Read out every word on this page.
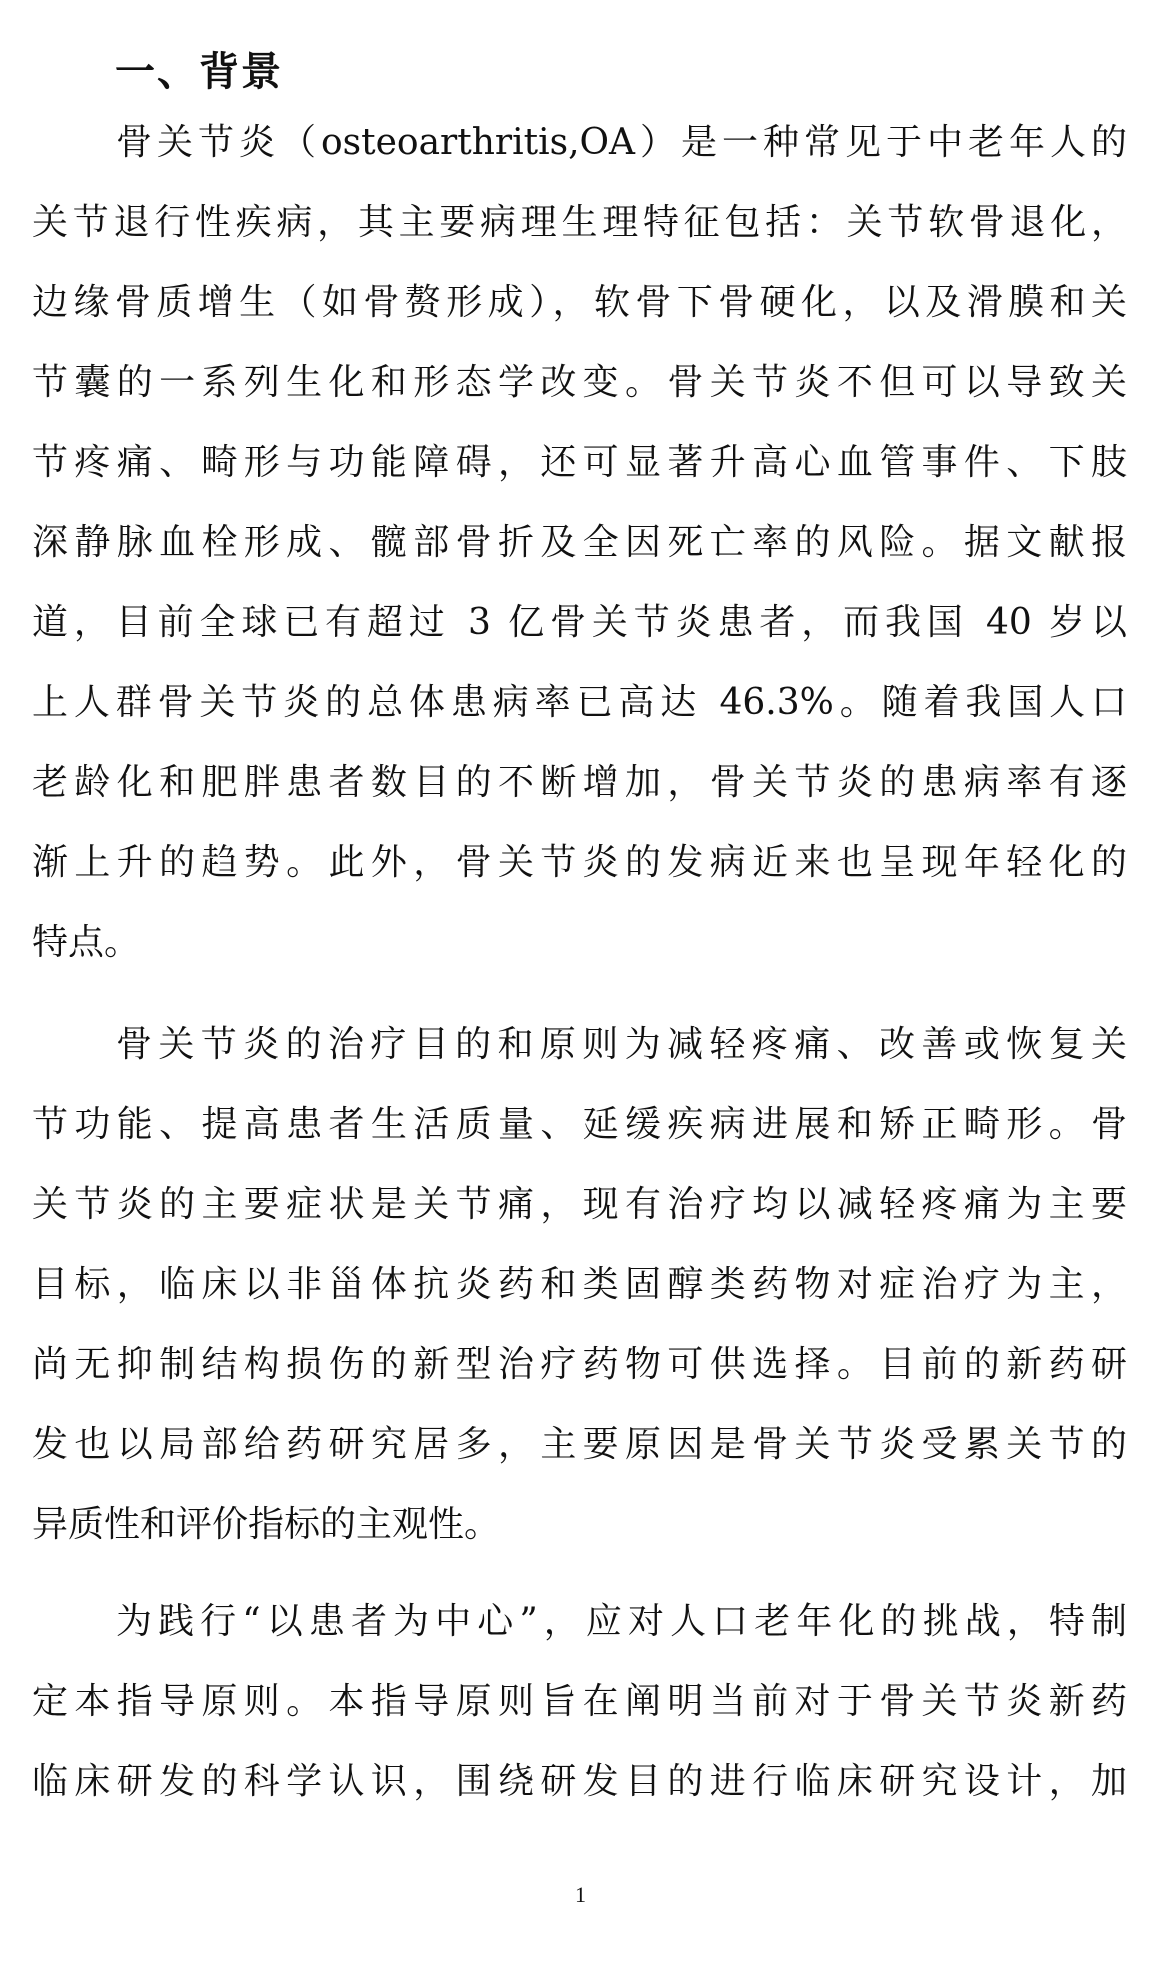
一、背景
骨关节炎（osteoarthritis,OA）是一种常见于中老年人的
关节退行性疾病，其主要病理生理特征包括：关节软骨退化，
边缘骨质增生（如骨赘形成），软骨下骨硬化，以及滑膜和关
节囊的一系列生化和形态学改变。骨关节炎不但可以导致关
节疼痛、畸形与功能障碍，还可显著升高心血管事件、下肢
深静脉血栓形成、髋部骨折及全因死亡率的风险。据文献报
道，目前全球已有超过 3 亿骨关节炎患者，而我国 40 岁以
上人群骨关节炎的总体患病率已高达 46.3%。随着我国人口
老龄化和肥胖患者数目的不断增加，骨关节炎的患病率有逐
渐上升的趋势。此外，骨关节炎的发病近来也呈现年轻化的
特点。
骨关节炎的治疗目的和原则为减轻疼痛、改善或恢复关
节功能、提高患者生活质量、延缓疾病进展和矫正畸形。骨
关节炎的主要症状是关节痛，现有治疗均以减轻疼痛为主要
目标，临床以非甾体抗炎药和类固醇类药物对症治疗为主，
尚无抑制结构损伤的新型治疗药物可供选择。目前的新药研
发也以局部给药研究居多，主要原因是骨关节炎受累关节的
异质性和评价指标的主观性。
为践行“以患者为中心”，应对人口老年化的挑战，特制
定本指导原则。本指导原则旨在阐明当前对于骨关节炎新药
临床研发的科学认识，围绕研发目的进行临床研究设计，加
1
